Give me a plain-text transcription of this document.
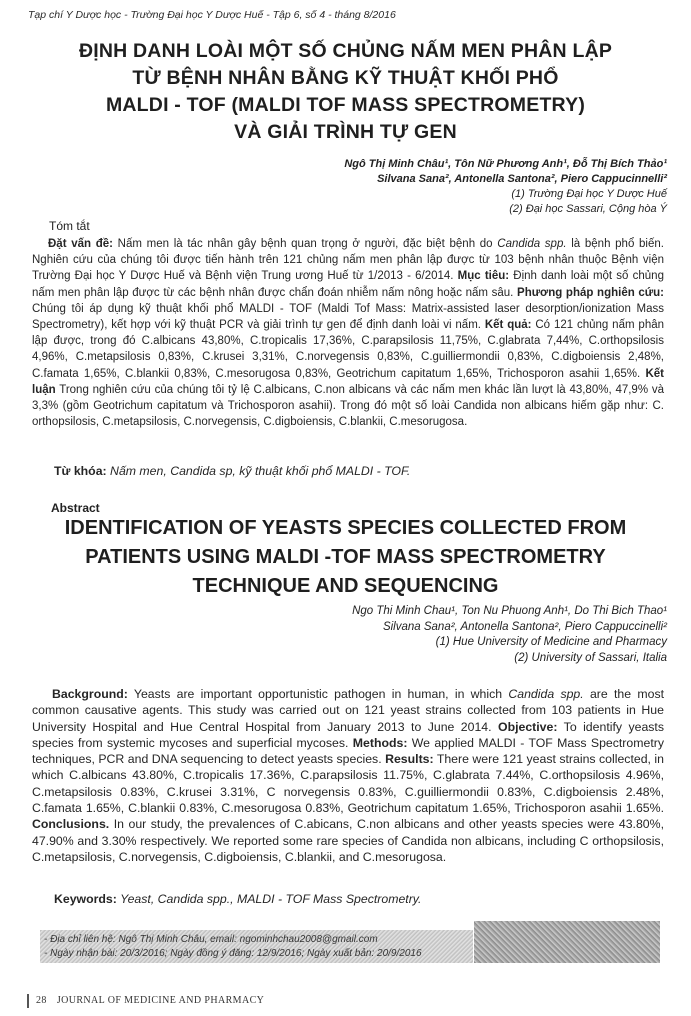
Tạp chí Y Dược học - Trường Đại học Y Dược Huế - Tập 6, số 4 - tháng 8/2016
ĐỊNH DANH LOÀI MỘT SỐ CHỦNG NẤM MEN PHÂN LẬP
TỪ BỆNH NHÂN BẰNG KỸ THUẬT KHỐI PHỔ
MALDI - TOF (MALDI TOF MASS SPECTROMETRY)
VÀ GIẢI TRÌNH TỰ GEN
Ngô Thị Minh Châu¹, Tôn Nữ Phương Anh¹, Đỗ Thị Bích Thảo¹
Silvana Sana², Antonella Santona², Piero Cappucinnelli²
(1) Trường Đại học Y Dược Huế
(2) Đại học Sassari, Cộng hòa Ý
Tóm tắt

Đặt vấn đề: Nấm men là tác nhân gây bệnh quan trọng ở người, đặc biệt bệnh do Candida spp. là bệnh phổ biến. Nghiên cứu của chúng tôi được tiến hành trên 121 chủng nấm men phân lập được từ 103 bệnh nhân thuộc Bệnh viện Trường Đại học Y Dược Huế và Bệnh viện Trung ương Huế từ 1/2013 - 6/2014. Mục tiêu: Định danh loài một số chủng nấm men phân lập được từ các bệnh nhân được chẩn đoán nhiễm nấm nông hoặc nấm sâu. Phương pháp nghiên cứu: Chúng tôi áp dụng kỹ thuật khối phổ MALDI - TOF (Maldi Tof Mass: Matrix-assisted laser desorption/ionization Mass Spectrometry), kết hợp với kỹ thuật PCR và giải trình tự gen để định danh loài vi nấm. Kết quả: Có 121 chủng nấm phân lập được, trong đó C.albicans 43,80%, C.tropicalis 17,36%, C.parapsilosis 11,75%, C.glabrata 7,44%, C.orthopsilosis 4,96%, C.metapsilosis 0,83%, C.krusei 3,31%, C.norvegensis 0,83%, C.guilliermondii 0,83%, C.digboiensis 2,48%, C.famata 1,65%, C.blankii 0,83%, C.mesorugosa 0,83%, Geotrichum capitatum 1,65%, Trichosporon asahii 1,65%. Kết luận Trong nghiên cứu của chúng tôi tỷ lệ C.albicans, C.non albicans và các nấm men khác lần lượt là 43,80%, 47,9% và 3,3% (gồm Geotrichum capitatum và Trichosporon asahii). Trong đó một số loài Candida non albicans hiếm gặp như: C. orthopsilosis, C.metapsilosis, C.norvegensis, C.digboiensis, C.blankii, C.mesorugosa.

Từ khóa: Nấm men, Candida sp, kỹ thuật khối phổ MALDI - TOF.
Abstract
IDENTIFICATION OF YEASTS SPECIES COLLECTED FROM
PATIENTS USING MALDI -TOF MASS SPECTROMETRY
TECHNIQUE AND SEQUENCING
Ngo Thi Minh Chau¹, Ton Nu Phuong Anh¹, Do Thi Bich Thao¹
Silvana Sana², Antonella Santona², Piero Cappuccinelli²
(1) Hue University of Medicine and Pharmacy
(2) University of Sassari, Italia

Background: Yeasts are important opportunistic pathogen in human, in which Candida spp. are the most common causative agents. This study was carried out on 121 yeast strains collected from 103 patients in Hue University Hospital and Hue Central Hospital from January 2013 to June 2014. Objective: To identify yeasts species from systemic mycoses and superficial mycoses. Methods: We applied MALDI - TOF Mass Spectrometry techniques, PCR and DNA sequencing to detect yeasts species. Results: There were 121 yeast strains collected, in which C.albicans 43.80%, C.tropicalis 17.36%, C.parapsilosis 11.75%, C.glabrata 7.44%, C.orthopsilosis 4.96%, C.metapsilosis 0.83%, C.krusei 3.31%, C norvegensis 0.83%, C.guilliermondii 0.83%, C.digboiensis 2.48%, C.famata 1.65%, C.blankii 0.83%, C.mesorugosa 0.83%, Geotrichum capitatum 1.65%, Trichosporon asahii 1.65%. Conclusions. In our study, the prevalences of C.abicans, C.non albicans and other yeasts species were 43.80%, 47.90% and 3.30% respectively. We reported some rare species of Candida non albicans, including C orthopsilosis, C.metapsilosis, C.norvegensis, C.digboiensis, C.blankii, and C.mesorugosa.

Keywords: Yeast, Candida spp., MALDI - TOF Mass Spectrometry.
- Địa chỉ liên hệ: Ngô Thị Minh Châu, email: ngominhchau2008@gmail.com
- Ngày nhận bài: 20/3/2016; Ngày đồng ý đăng: 12/9/2016; Ngày xuất bản: 20/9/2016
28 JOURNAL OF MEDICINE AND PHARMACY
